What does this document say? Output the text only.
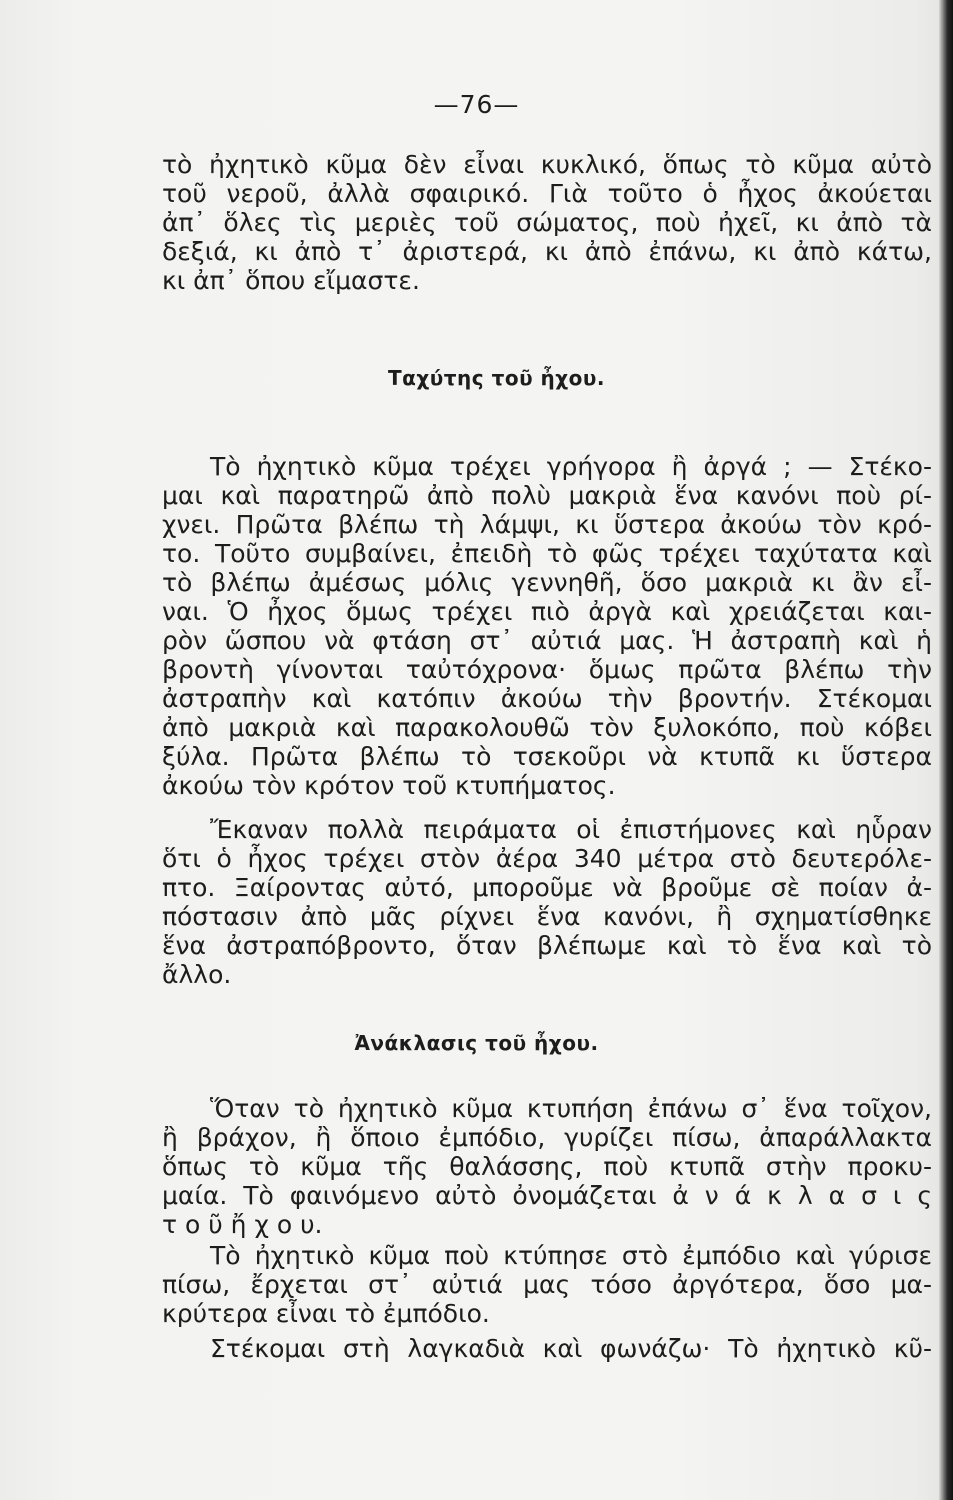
—76—
τὸ ἠχητικὸ κῦμα δὲν εἶναι κυκλικό, ὅπως τὸ κῦμα αὐτὸ
τοῦ νεροῦ, ἀλλὰ σφαιρικό. Γιὰ τοῦτο ὁ ἦχος ἀκούεται
ἀπ᾽ ὅλες τὶς μεριὲς τοῦ σώματος, ποὺ ἠχεῖ, κι ἀπὸ τὰ
δεξιά, κι ἀπὸ τ᾽ ἀριστερά, κι ἀπὸ ἐπάνω, κι ἀπὸ κάτω,
κι ἀπ᾽ ὅπου εἴμαστε.
Ταχύτης τοῦ ἦχου.
Τὸ ἠχητικὸ κῦμα τρέχει γρήγορα ἢ ἀργά ; — Στέκο-
μαι καὶ παρατηρῶ ἀπὸ πολὺ μακριὰ ἕνα κανόνι ποὺ ρί-
χνει. Πρῶτα βλέπω τὴ λάμψι, κι ὕστερα ἀκούω τὸν κρό-
το. Τοῦτο συμβαίνει, ἐπειδὴ τὸ φῶς τρέχει ταχύτατα καὶ
τὸ βλέπω ἀμέσως μόλις γεννηθῆ, ὅσο μακριὰ κι ἂν εἶ-
ναι. Ὁ ἦχος ὅμως τρέχει πιὸ ἀργὰ καὶ χρειάζεται και-
ρὸν ὥσπου νὰ φτάση στ᾽ αὐτιά μας. Ἡ ἀστραπὴ καὶ ἡ
βροντὴ γίνονται ταὐτόχρονα· ὅμως πρῶτα βλέπω τὴν
ἀστραπὴν καὶ κατόπιν ἀκούω τὴν βροντήν. Στέκομαι
ἀπὸ μακριὰ καὶ παρακολουθῶ τὸν ξυλοκόπο, ποὺ κόβει
ξύλα. Πρῶτα βλέπω τὸ τσεκοῦρι νὰ κτυπᾶ κι ὕστερα
ἀκούω τὸν κρότον τοῦ κτυπήματος.
Ἔκαναν πολλὰ πειράματα οἱ ἐπιστήμονες καὶ ηὗραν
ὅτι ὁ ἦχος τρέχει στὸν ἀέρα 340 μέτρα στὸ δευτερόλε-
πτο. Ξαίροντας αὐτό, μποροῦμε νὰ βροῦμε σὲ ποίαν ἀ-
πόστασιν ἀπὸ μᾶς ρίχνει ἕνα κανόνι, ἢ σχηματίσθηκε
ἕνα ἀστραπόβροντο, ὅταν βλέπωμε καὶ τὸ ἕνα καὶ τὸ
ἄλλο.
Ἀνάκλασις τοῦ ἦχου.
Ὅταν τὸ ἠχητικὸ κῦμα κτυπήση ἐπάνω σ᾽ ἕνα τοῖχον,
ἢ βράχον, ἢ ὅποιο ἐμπόδιο, γυρίζει πίσω, ἀπαράλλακτα
ὅπως τὸ κῦμα τῆς θαλάσσης, ποὺ κτυπᾶ στὴν προκυ-
μαία. Τὸ φαινόμενο αὐτὸ ὀνομάζεται ἀ ν ά κ λ α σ ι ς
τ ο ῦ ἤ χ ο υ.
Τὸ ἠχητικὸ κῦμα ποὺ κτύπησε στὸ ἐμπόδιο καὶ γύρισε
πίσω, ἔρχεται στ᾽ αὐτιά μας τόσο ἀργότερα, ὅσο μα-
κρύτερα εἶναι τὸ ἐμπόδιο.
Στέκομαι στὴ λαγκαδιὰ καὶ φωνάζω· Τὸ ἠχητικὸ κῦ-
